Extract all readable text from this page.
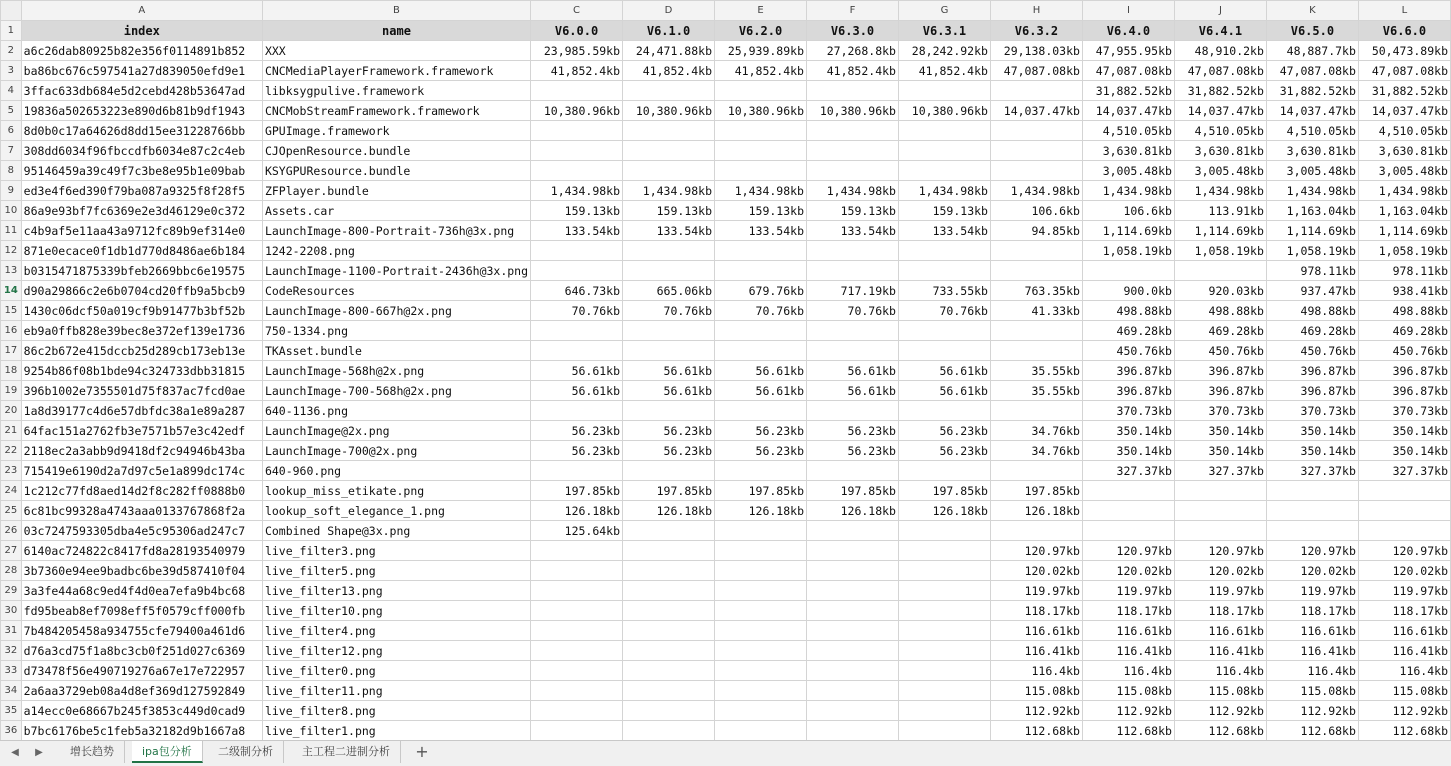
	A	B	C	D	E	F	G	H	I	J	K	L
1	index	name	V6.0.0	V6.1.0	V6.2.0	V6.3.0	V6.3.1	V6.3.2	V6.4.0	V6.4.1	V6.5.0	V6.6.0
2	a6c26dab80925b82e356f0114891b852	XXX	23,985.59kb	24,471.88kb	25,939.89kb	27,268.8kb	28,242.92kb	29,138.03kb	47,955.95kb	48,910.2kb	48,887.7kb	50,473.89kb
3	ba86bc676c597541a27d839050efd9e1	CNCMediaPlayerFramework.framework	41,852.4kb	41,852.4kb	41,852.4kb	41,852.4kb	41,852.4kb	47,087.08kb	47,087.08kb	47,087.08kb	47,087.08kb	47,087.08kb
4	3ffac633db684e5d2cebd428b53647ad	libksygpulive.framework							31,882.52kb	31,882.52kb	31,882.52kb	31,882.52kb
5	19836a502653223e890d6b81b9df1943	CNCMobStreamFramework.framework	10,380.96kb	10,380.96kb	10,380.96kb	10,380.96kb	10,380.96kb	14,037.47kb	14,037.47kb	14,037.47kb	14,037.47kb	14,037.47kb
6	8d0b0c17a64626d8dd15ee31228766bb	GPUImage.framework							4,510.05kb	4,510.05kb	4,510.05kb	4,510.05kb
7	308dd6034f96fbccdfb6034e87c2c4eb	CJOpenResource.bundle							3,630.81kb	3,630.81kb	3,630.81kb	3,630.81kb
8	95146459a39c49f7c3be8e95b1e09bab	KSYGPUResource.bundle							3,005.48kb	3,005.48kb	3,005.48kb	3,005.48kb
9	ed3e4f6ed390f79ba087a9325f8f28f5	ZFPlayer.bundle	1,434.98kb	1,434.98kb	1,434.98kb	1,434.98kb	1,434.98kb	1,434.98kb	1,434.98kb	1,434.98kb	1,434.98kb	1,434.98kb
10	86a9e93bf7fc6369e2e3d46129e0c372	Assets.car	159.13kb	159.13kb	159.13kb	159.13kb	159.13kb	106.6kb	106.6kb	113.91kb	1,163.04kb	1,163.04kb
11	c4b9af5e11aa43a9712fc89b9ef314e0	LaunchImage-800-Portrait-736h@3x.png	133.54kb	133.54kb	133.54kb	133.54kb	133.54kb	94.85kb	1,114.69kb	1,114.69kb	1,114.69kb	1,114.69kb
12	871e0ecace0f1db1d770d8486ae6b184	1242-2208.png							1,058.19kb	1,058.19kb	1,058.19kb	1,058.19kb
13	b0315471875339bfeb2669bbc6e19575	LaunchImage-1100-Portrait-2436h@3x.png									978.11kb	978.11kb
14	d90a29866c2e6b0704cd20ffb9a5bcb9	CodeResources	646.73kb	665.06kb	679.76kb	717.19kb	733.55kb	763.35kb	900.0kb	920.03kb	937.47kb	938.41kb
15	1430c06dcf50a019cf9b91477b3bf52b	LaunchImage-800-667h@2x.png	70.76kb	70.76kb	70.76kb	70.76kb	70.76kb	41.33kb	498.88kb	498.88kb	498.88kb	498.88kb
16	eb9a0ffb828e39bec8e372ef139e1736	750-1334.png							469.28kb	469.28kb	469.28kb	469.28kb
17	86c2b672e415dccb25d289cb173eb13e	TKAsset.bundle							450.76kb	450.76kb	450.76kb	450.76kb
18	9254b86f08b1bde94c324733dbb31815	LaunchImage-568h@2x.png	56.61kb	56.61kb	56.61kb	56.61kb	56.61kb	35.55kb	396.87kb	396.87kb	396.87kb	396.87kb
19	396b1002e7355501d75f837ac7fcd0ae	LaunchImage-700-568h@2x.png	56.61kb	56.61kb	56.61kb	56.61kb	56.61kb	35.55kb	396.87kb	396.87kb	396.87kb	396.87kb
20	1a8d39177c4d6e57dbfdc38a1e89a287	640-1136.png							370.73kb	370.73kb	370.73kb	370.73kb
21	64fac151a2762fb3e7571b57e3c42edf	LaunchImage@2x.png	56.23kb	56.23kb	56.23kb	56.23kb	56.23kb	34.76kb	350.14kb	350.14kb	350.14kb	350.14kb
22	2118ec2a3abb9d9418df2c94946b43ba	LaunchImage-700@2x.png	56.23kb	56.23kb	56.23kb	56.23kb	56.23kb	34.76kb	350.14kb	350.14kb	350.14kb	350.14kb
23	715419e6190d2a7d97c5e1a899dc174c	640-960.png							327.37kb	327.37kb	327.37kb	327.37kb
24	1c212c77fd8aed14d2f8c282ff0888b0	lookup_miss_etikate.png	197.85kb	197.85kb	197.85kb	197.85kb	197.85kb	197.85kb				
25	6c81bc99328a4743aaa0133767868f2a	lookup_soft_elegance_1.png	126.18kb	126.18kb	126.18kb	126.18kb	126.18kb	126.18kb				
26	03c7247593305dba4e5c95306ad247c7	Combined Shape@3x.png	125.64kb									
27	6140ac724822c8417fd8a28193540979	live_filter3.png						120.97kb	120.97kb	120.97kb	120.97kb	120.97kb
28	3b7360e94ee9badbc6be39d587410f04	live_filter5.png						120.02kb	120.02kb	120.02kb	120.02kb	120.02kb
29	3a3fe44a68c9ed4f4d0ea7efa9b4bc68	live_filter13.png						119.97kb	119.97kb	119.97kb	119.97kb	119.97kb
30	fd95beab8ef7098eff5f0579cff000fb	live_filter10.png						118.17kb	118.17kb	118.17kb	118.17kb	118.17kb
31	7b484205458a934755cfe79400a461d6	live_filter4.png						116.61kb	116.61kb	116.61kb	116.61kb	116.61kb
32	d76a3cd75f1a8bc3cb0f251d027c6369	live_filter12.png						116.41kb	116.41kb	116.41kb	116.41kb	116.41kb
33	d73478f56e490719276a67e17e722957	live_filter0.png						116.4kb	116.4kb	116.4kb	116.4kb	116.4kb
34	2a6aa3729eb08a4d8ef369d127592849	live_filter11.png						115.08kb	115.08kb	115.08kb	115.08kb	115.08kb
35	a14ecc0e68667b245f3853c449d0cad9	live_filter8.png						112.92kb	112.92kb	112.92kb	112.92kb	112.92kb
36	b7bc6176be5c1feb5a32182d9b1667a8	live_filter1.png						112.68kb	112.68kb	112.68kb	112.68kb	112.68kb
◀	▶	增长趋势	ipa包分析	二级制分析	主工程二进制分析	+
